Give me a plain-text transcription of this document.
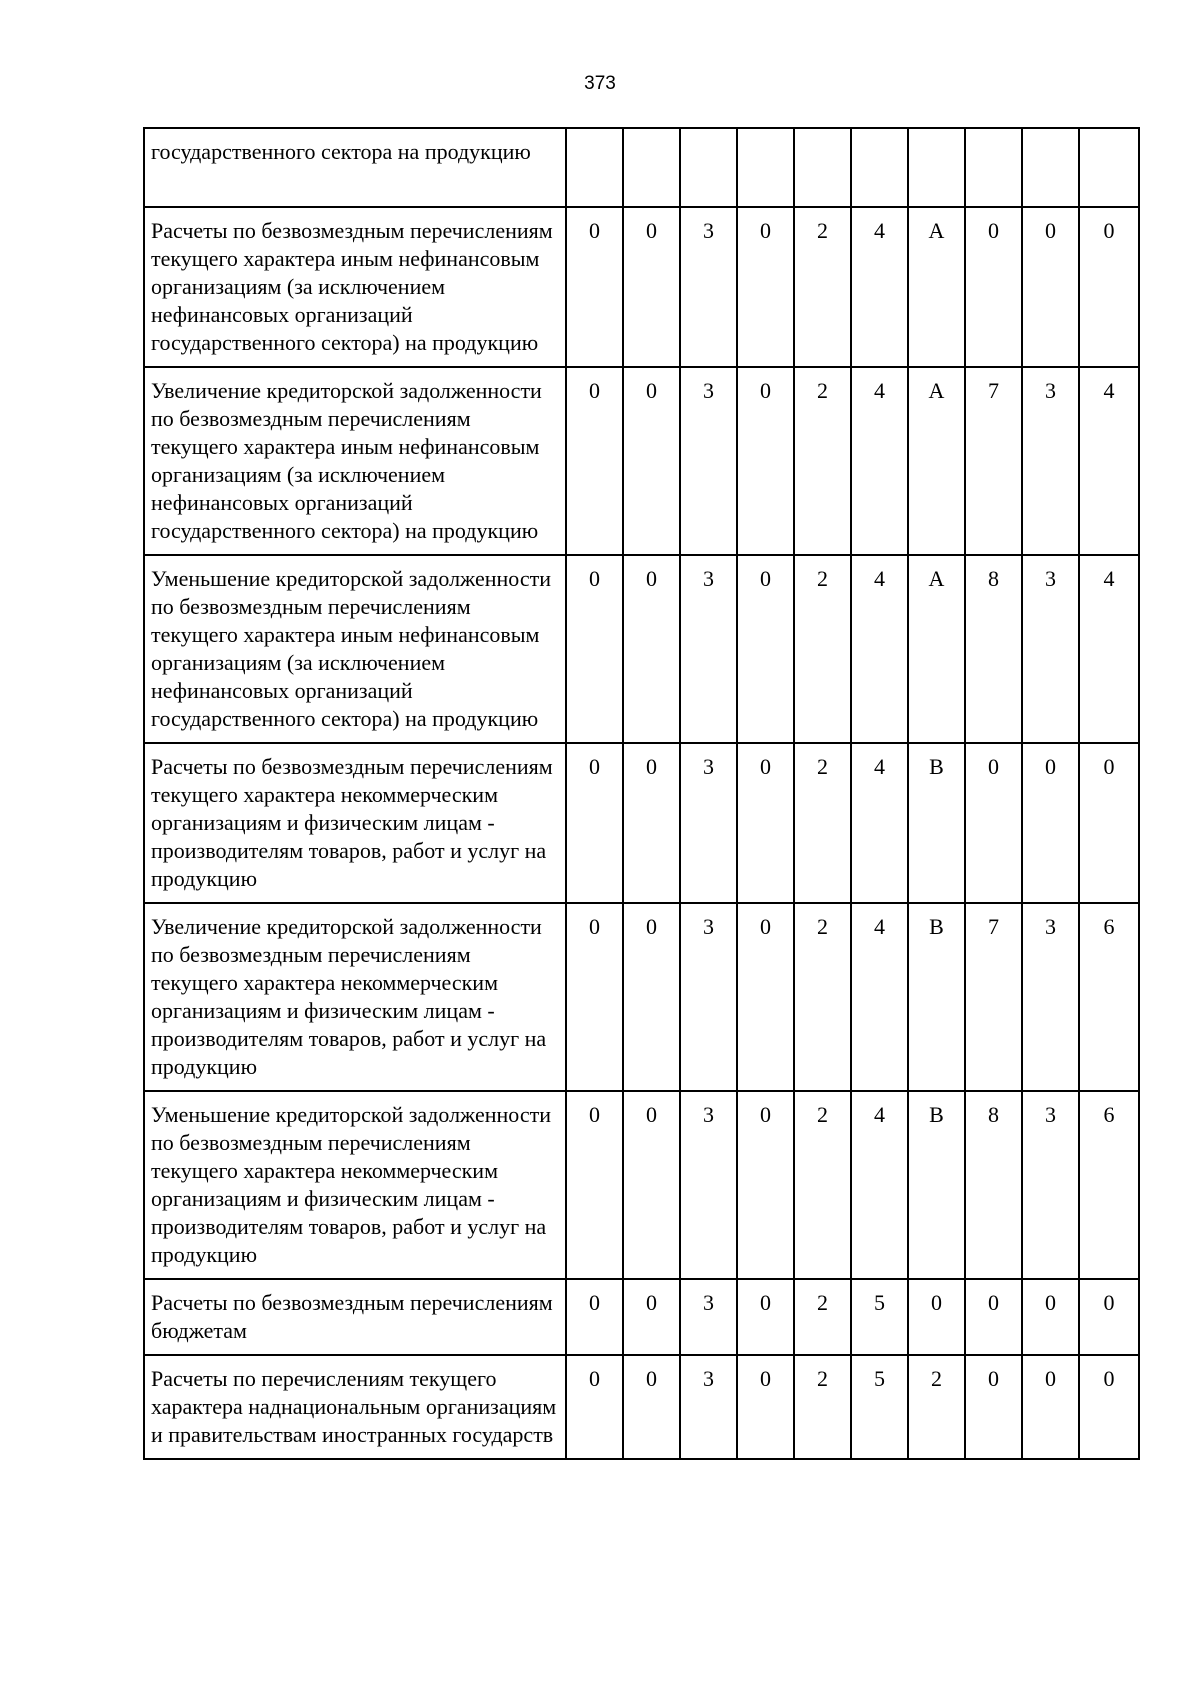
373
государственного сектора на продукцию										
Расчеты по безвозмездным перечислениям текущего характера иным нефинансовым организациям (за исключением нефинансовых организаций государственного сектора) на продукцию	0	0	3	0	2	4	А	0	0	0
Увеличение кредиторской задолженности по безвозмездным перечислениям текущего характера иным нефинансовым организациям (за исключением нефинансовых организаций государственного сектора) на продукцию	0	0	3	0	2	4	А	7	3	4
Уменьшение кредиторской задолженности по безвозмездным перечислениям текущего характера иным нефинансовым организациям (за исключением нефинансовых организаций государственного сектора) на продукцию	0	0	3	0	2	4	А	8	3	4
Расчеты по безвозмездным перечислениям текущего характера некоммерческим организациям и физическим лицам - производителям товаров, работ и услуг на продукцию	0	0	3	0	2	4	В	0	0	0
Увеличение кредиторской задолженности по безвозмездным перечислениям текущего характера некоммерческим организациям и физическим лицам - производителям товаров, работ и услуг на продукцию	0	0	3	0	2	4	В	7	3	6
Уменьшение кредиторской задолженности по безвозмездным перечислениям текущего характера некоммерческим организациям и физическим лицам - производителям товаров, работ и услуг на продукцию	0	0	3	0	2	4	В	8	3	6
Расчеты по безвозмездным перечислениям бюджетам	0	0	3	0	2	5	0	0	0	0
Расчеты по перечислениям текущего характера наднациональным организациям и правительствам иностранных государств	0	0	3	0	2	5	2	0	0	0
